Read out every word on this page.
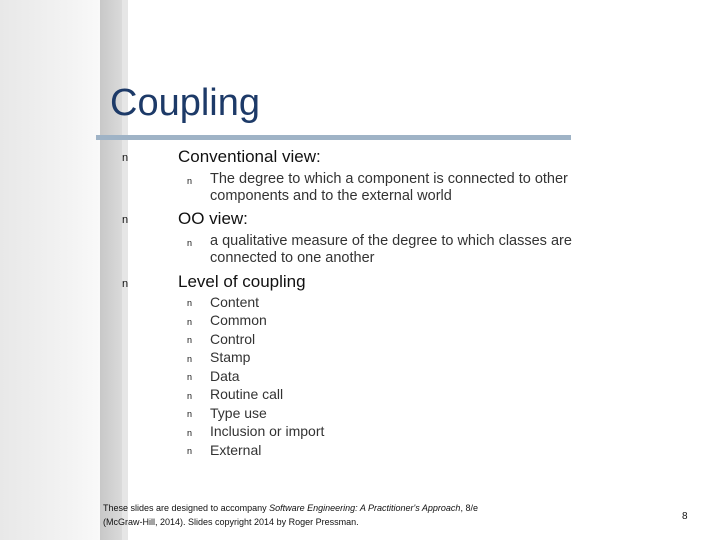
Coupling
n	Conventional view:
n The degree to which a component is connected to other components and to the external world
n	OO view:
n a qualitative measure of the degree to which classes are connected to one another
n	Level of coupling
n Content
n Common
n Control
n Stamp
n Data
n Routine call
n Type use
n Inclusion or import
n External
These slides are designed to accompany Software Engineering: A Practitioner's Approach, 8/e
(McGraw-Hill, 2014). Slides copyright 2014 by Roger Pressman.	8
